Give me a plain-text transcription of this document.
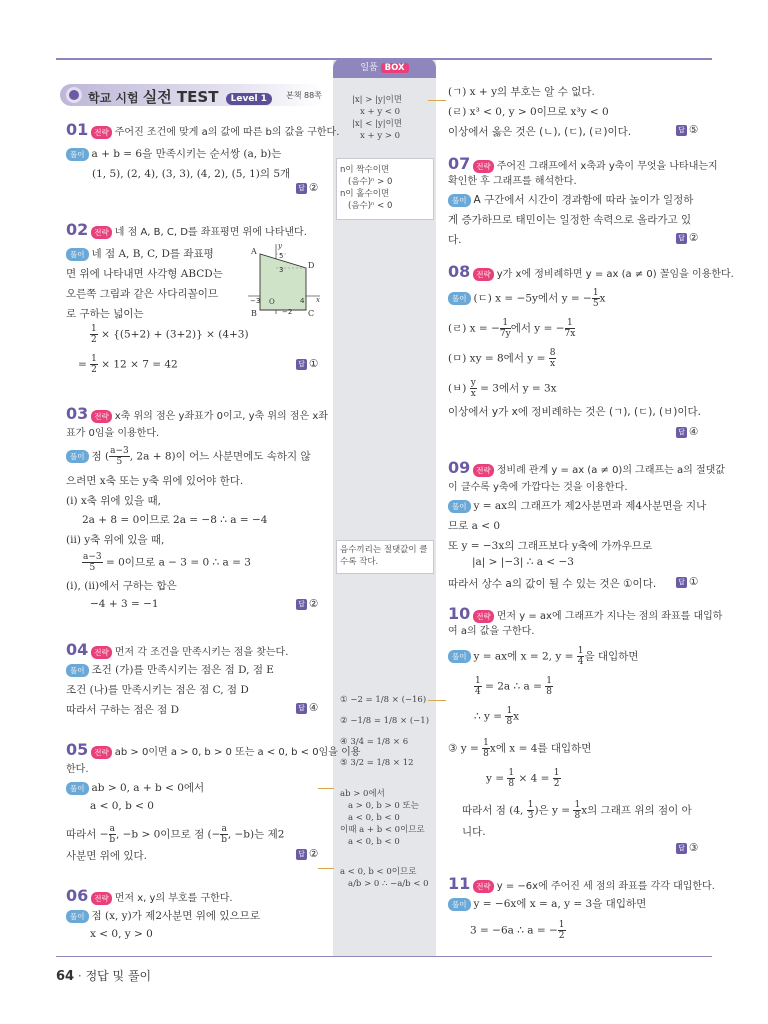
일품 BOX
학교 시험 실전 TEST Level 1	본책 88쪽
01 전략 주어진 조건에 맞게 a의 값에 따른 b의 값을 구한다.
풀이 a + b = 6을 만족시키는 순서쌍 (a, b)는
(1, 5), (2, 4), (3, 3), (4, 2), (5, 1)의 5개
답 ②
02 전략 네 점 A, B, C, D를 좌표평면 위에 나타낸다.
풀이 네 점 A, B, C, D를 좌표평
면 위에 나타내면 사각형 ABCD는
오른쪽 그림과 같은 사다리꼴이므
로 구하는 넓이는
$\frac{1}{2} \times \{(5+2) + (3+2)\} \times (4+3)$
= $\frac{1}{2} \times 12 \times 7 = 42$	답 ①
A
B	C
D
O	x
y
5
3
−3	4
−2
03 전략 x축 위의 점은 y좌표가 0이고, y축 위의 점은 x좌
표가 0임을 이용한다.
풀이 점 ( $\frac{a-3}{5}$ , 2a + 8)이 어느 사분면에도 속하지 않
으려면 x축 또는 y축 위에 있어야 한다.
(i) x축 위에 있을 때,
2a + 8 = 0이므로 2a = −8 ∴ a = −4
(ii) y축 위에 있을 때,
$\frac{a-3}{5} = 0$이므로 a − 3 = 0 ∴ a = 3
(i), (ii)에서 구하는 합은
−4 + 3 = −1	답 ②
04 전략 먼저 각 조건을 만족시키는 점을 찾는다.
풀이 조건 (가)를 만족시키는 점은 점 D, 점 E
조건 (나)를 만족시키는 점은 점 C, 점 D
따라서 구하는 점은 점 D	답 ④
05 전략 ab > 0이면 a > 0, b > 0 또는 a < 0, b < 0임을 이용
한다.
풀이 ab > 0, a + b < 0에서
a < 0, b < 0
따라서 − $\frac{a}{b}$ , −b > 0이므로 점 (− $\frac{a}{b}$ , −b)는 제2
사분면 위에 있다.	답 ②
06 전략 먼저 x, y의 부호를 구한다.
풀이 점 (x, y)가 제2사분면 위에 있으므로
x < 0, y > 0
|x| > |y|이면
x + y < 0
|x| < |y|이면
x + y > 0
n이 짝수이면
(음수)ⁿ > 0
n이 홀수이면
(음수)ⁿ < 0
음수끼리는 절댓값이 클
수록 작다.
① −2 = 1/8 × (−16)
② −1/8 = 1/8 × (−1)
④ 3/4 = 1/8 × 6
⑤ 3/2 = 1/8 × 12
ab > 0에서
a > 0, b > 0 또는
a < 0, b < 0
이때 a + b < 0이므로
a < 0, b < 0
a < 0, b < 0이므로
a/b > 0 ∴ −a/b < 0
(ㄱ) x + y의 부호는 알 수 없다.
(ㄹ) x³ < 0, y > 0이므로 x³y < 0
이상에서 옳은 것은 (ㄴ), (ㄷ), (ㄹ)이다.	답 ⑤
07 전략 주어진 그래프에서 x축과 y축이 무엇을 나타내는지
확인한 후 그래프를 해석한다.
풀이 A 구간에서 시간이 경과함에 따라 높이가 일정하
게 증가하므로 태민이는 일정한 속력으로 올라가고 있
다.	답 ②
08 전략 y가 x에 정비례하면 y = ax (a ≠ 0) 꼴임을 이용한다.
풀이 (ㄷ) x = −5y에서 y = − $\frac{1}{5}$ x
(ㄹ) x = − $\frac{1}{7y}$ 에서 y = − $\frac{1}{7x}$
(ㅁ) xy = 8에서 $y = \frac{8}{x}$
(ㅂ) $\frac{y}{x} = 3$에서 y = 3x
이상에서 y가 x에 정비례하는 것은 (ㄱ), (ㄷ), (ㅂ)이다.
답 ④
09 전략 정비례 관계 y = ax (a ≠ 0)의 그래프는 a의 절댓값
이 클수록 y축에 가깝다는 것을 이용한다.
풀이 y = ax의 그래프가 제2사분면과 제4사분면을 지나
므로 a < 0
또 y = −3x의 그래프보다 y축에 가까우므로
|a| > |−3| ∴ a < −3
따라서 상수 a의 값이 될 수 있는 것은 ①이다.	답 ①
10 전략 먼저 y = ax에 그래프가 지나는 점의 좌표를 대입하
여 a의 값을 구한다.
풀이 y = ax에 x = 2, $y = \frac{1}{4}$ 을 대입하면
$\frac{1}{4} = 2a$ ∴ $a = \frac{1}{8}$
∴ $y = \frac{1}{8}$ x
③ $y = \frac{1}{8}$ x에 x = 4를 대입하면
$y = \frac{1}{8} \times 4 = \frac{1}{2}$
따라서 점 (4, $\frac{1}{3}$ )은 $y = \frac{1}{8}$ x의 그래프 위의 점이 아
니다.
답 ③
11 전략 y = −6x에 주어진 세 점의 좌표를 각각 대입한다.
풀이 y = −6x에 x = a, y = 3을 대입하면
3 = −6a ∴ a = − $\frac{1}{2}$
64 · 정답 및 풀이
